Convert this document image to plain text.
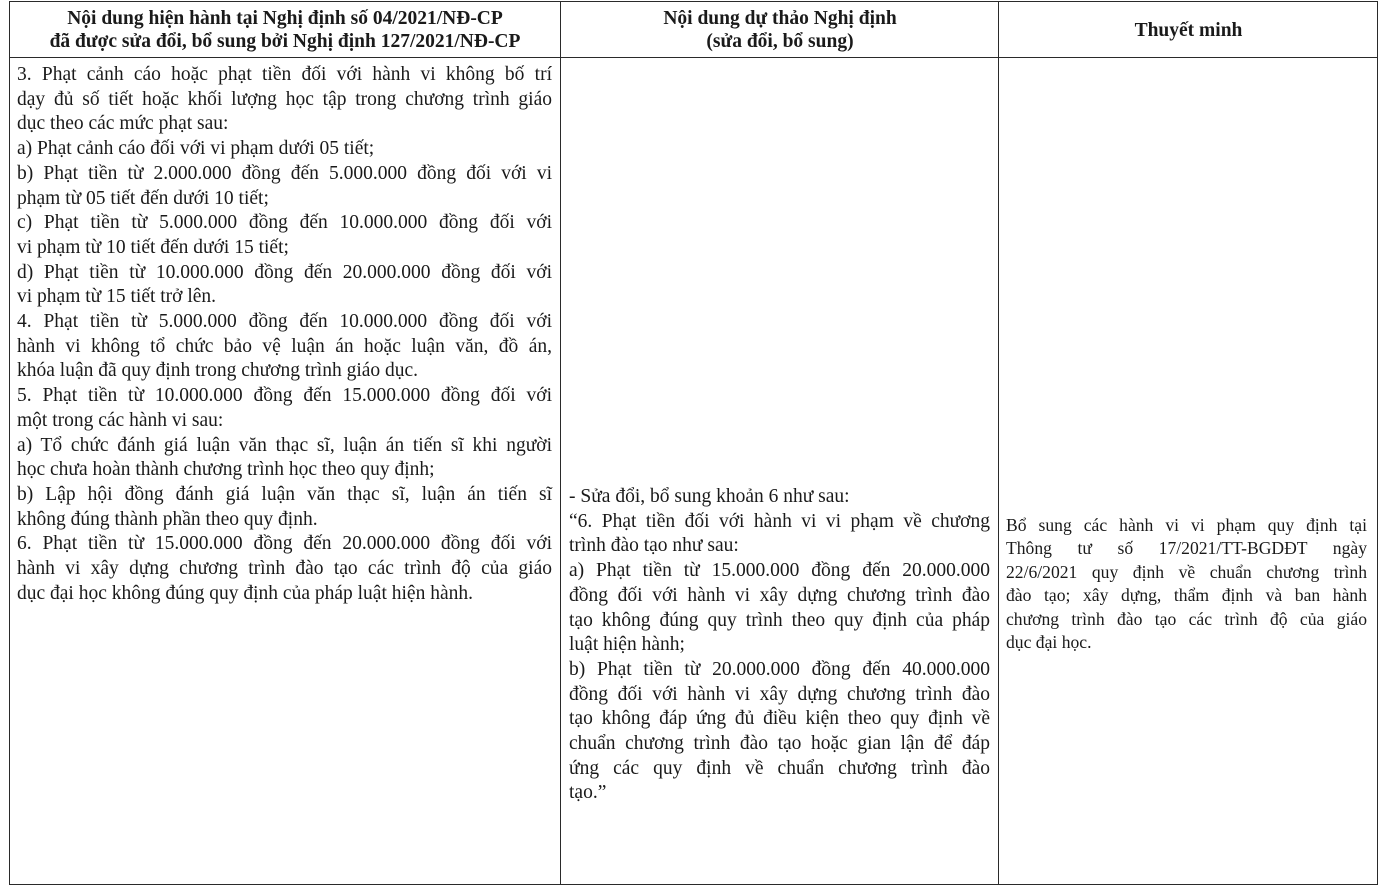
Nội dung hiện hành tại Nghị định số 04/2021/NĐ-CP
đã được sửa đổi, bổ sung bởi Nghị định 127/2021/NĐ-CP
Nội dung dự thảo Nghị định
(sửa đổi, bổ sung)
Thuyết minh
3. Phạt cảnh cáo hoặc phạt tiền đối với hành vi không bố trí
dạy đủ số tiết hoặc khối lượng học tập trong chương trình giáo
dục theo các mức phạt sau:
a) Phạt cảnh cáo đối với vi phạm dưới 05 tiết;
b) Phạt tiền từ 2.000.000 đồng đến 5.000.000 đồng đối với vi
phạm từ 05 tiết đến dưới 10 tiết;
c) Phạt tiền từ 5.000.000 đồng đến 10.000.000 đồng đối với
vi phạm từ 10 tiết đến dưới 15 tiết;
d) Phạt tiền từ 10.000.000 đồng đến 20.000.000 đồng đối với
vi phạm từ 15 tiết trở lên.
4. Phạt tiền từ 5.000.000 đồng đến 10.000.000 đồng đối với
hành vi không tổ chức bảo vệ luận án hoặc luận văn, đồ án,
khóa luận đã quy định trong chương trình giáo dục.
5. Phạt tiền từ 10.000.000 đồng đến 15.000.000 đồng đối với
một trong các hành vi sau:
a) Tổ chức đánh giá luận văn thạc sĩ, luận án tiến sĩ khi người
học chưa hoàn thành chương trình học theo quy định;
b) Lập hội đồng đánh giá luận văn thạc sĩ, luận án tiến sĩ
không đúng thành phần theo quy định.
6. Phạt tiền từ 15.000.000 đồng đến 20.000.000 đồng đối với
hành vi xây dựng chương trình đào tạo các trình độ của giáo
dục đại học không đúng quy định của pháp luật hiện hành.
- Sửa đổi, bổ sung khoản 6 như sau:
“6. Phạt tiền đối với hành vi vi phạm về chương
trình đào tạo như sau:
a) Phạt tiền từ 15.000.000 đồng đến 20.000.000
đồng đối với hành vi xây dựng chương trình đào
tạo không đúng quy trình theo quy định của pháp
luật hiện hành;
b) Phạt tiền từ 20.000.000 đồng đến 40.000.000
đồng đối với hành vi xây dựng chương trình đào
tạo không đáp ứng đủ điều kiện theo quy định về
chuẩn chương trình đào tạo hoặc gian lận để đáp
ứng các quy định về chuẩn chương trình đào
tạo.”
Bổ sung các hành vi vi phạm quy định tại
Thông tư số 17/2021/TT-BGDĐT ngày
22/6/2021 quy định về chuẩn chương trình
đào tạo; xây dựng, thẩm định và ban hành
chương trình đào tạo các trình độ của giáo
dục đại học.
